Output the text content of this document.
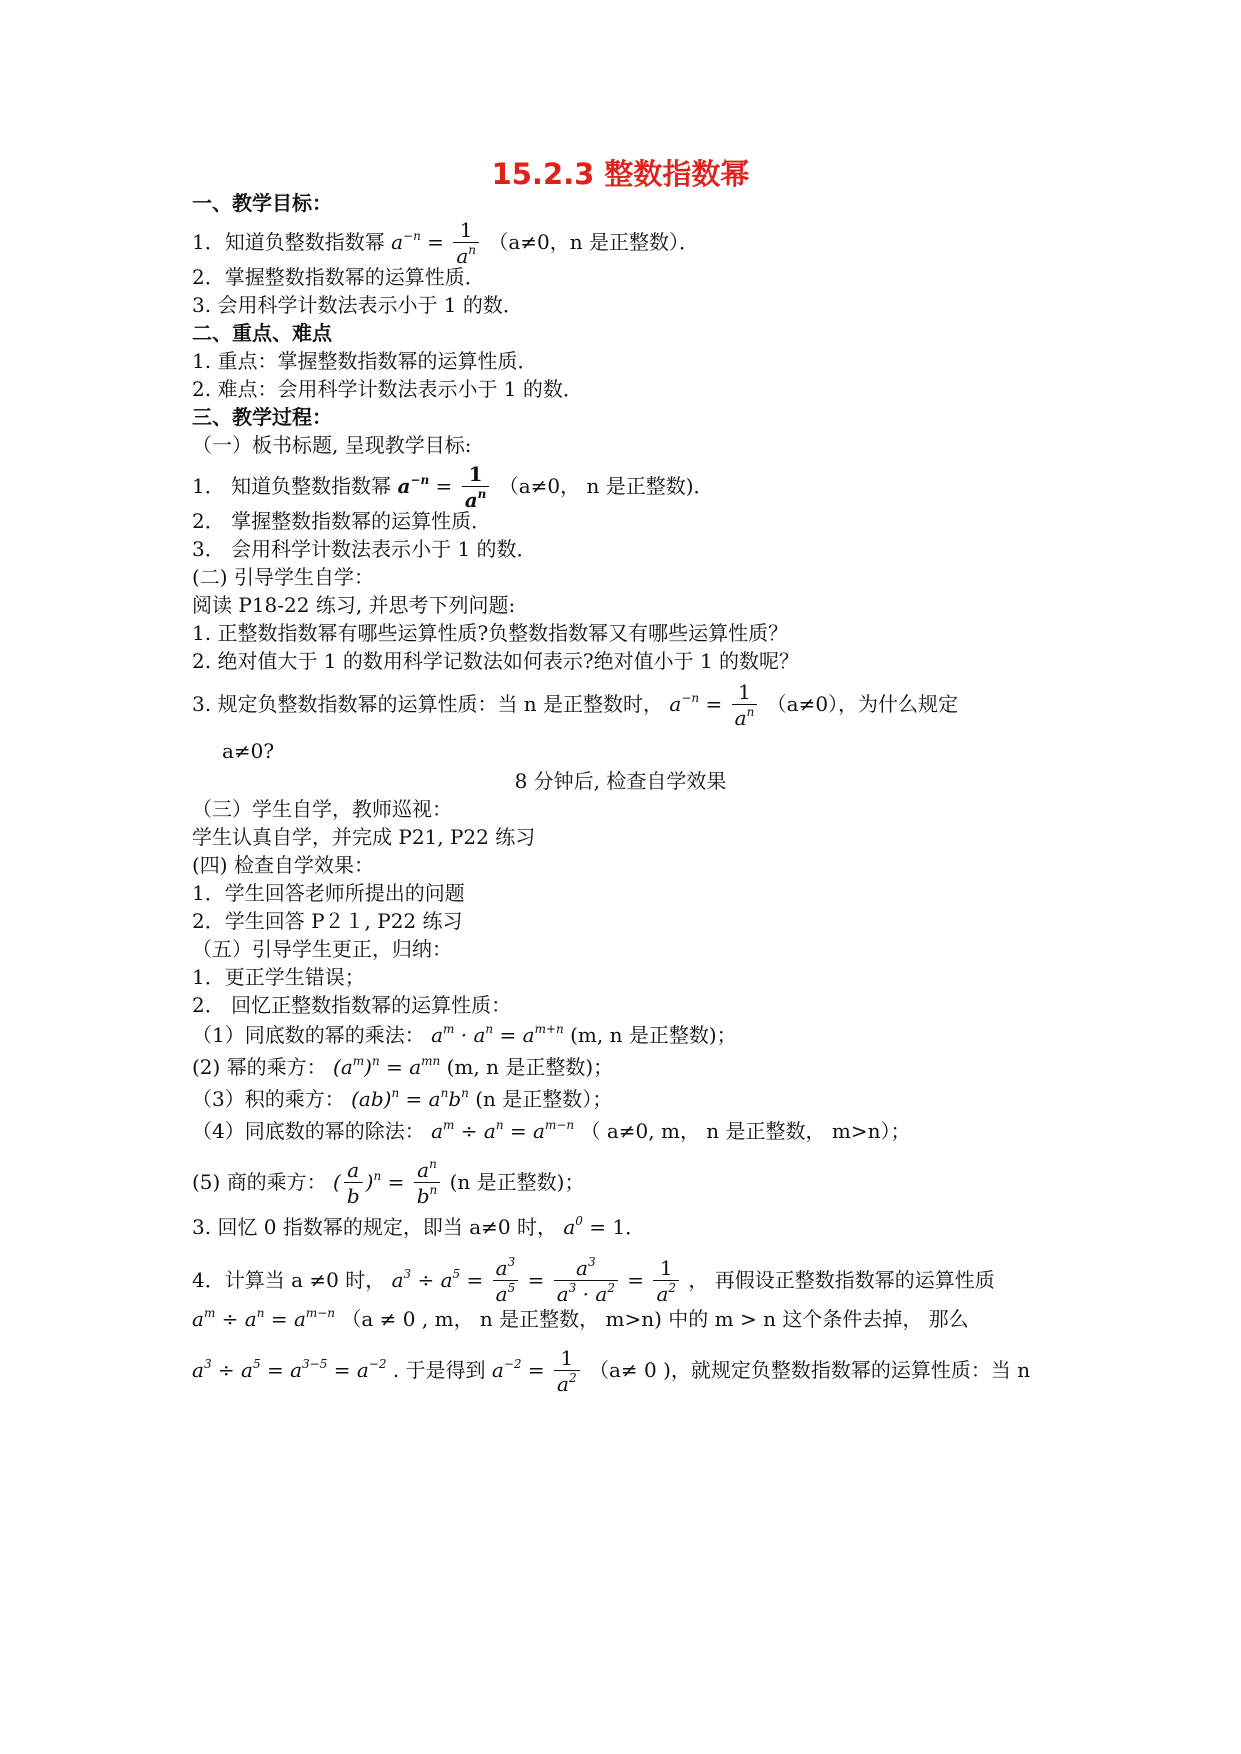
15.2.3 整数指数幂
一、教学目标：
1．知道负整数指数幂 $a^{-n} = \frac{1}{a^n} (a\ne 0$，n 是正整数）．
2．掌握整数指数幂的运算性质．
3. 会用科学计数法表示小于 1 的数．
二、重点、难点
1. 重点：掌握整数指数幂的运算性质．
2. 难点：会用科学计数法表示小于 1 的数．
三、教学过程：
（一）板书标题, 呈现教学目标:
1． 知道负整数指数幂 $a^{-n} = \frac{1}{a^n} (a\ne 0$， n 是正整数)．
2． 掌握整数指数幂的运算性质．
3． 会用科学计数法表示小于 1 的数．
(二) 引导学生自学：
阅读 P18-22 练习, 并思考下列问题:
1. 正整数指数幂有哪些运算性质?负整数指数幂又有哪些运算性质？
2. 绝对值大于 1 的数用科学记数法如何表示?绝对值小于 1 的数呢？
3. 规定负整数指数幂的运算性质：当 n 是正整数时， $a^{-n} = \frac{1}{a^n} (a\ne 0)$，为什么规定
a≠0?
8 分钟后, 检查自学效果
（三）学生自学，教师巡视：
学生认真自学，并完成 P21, P22 练习
(四) 检查自学效果：
1．学生回答老师所提出的问题
2．学生回答 P２１, P22 练习
（五）引导学生更正，归纳：
1．更正学生错误；
2． 回忆正整数指数幂的运算性质：
（1）同底数的幂的乘法： $a^m \cdot a^n = a^{m+n}$ (m, n 是正整数)；
(2) 幂的乘方： $(a^m)^n = a^{mn}$ (m, n 是正整数)；
（3）积的乘方： $(ab)^n = a^nb^n$ (n 是正整数）；
（4）同底数的幂的除法： $a^m \div a^n = a^{m-n}$ （ a≠0, m， n 是正整数， m>n）；
(5) 商的乘方： ( $\frac{a}{b} )^n = \frac{a^n}{b^n} (n$ 是正整数)；
3. 回忆 0 指数幂的规定，即当 a≠0 时， $a^0 = 1$．
4．计算当 a ≠0 时， $a^3 \div a^5 = \frac{a^3}{a^5} = \frac{a^3}{a^3 \cdot a^2} = \frac{1}{a^2}$ ， 再假设正整数指数幂的运算性质
$a^m \div a^n = a^{m-n}$ （a ≠ 0 , m， n 是正整数， m>n) 中的 m > n 这个条件去掉， 那么
$a^3 \div a^5 = a^{3-5} = a^{-2}$ . 于是得到 $a^{-2} = \frac{1}{a^2} (a\ne 0$ )，就规定负整数指数幂的运算性质：当 n
